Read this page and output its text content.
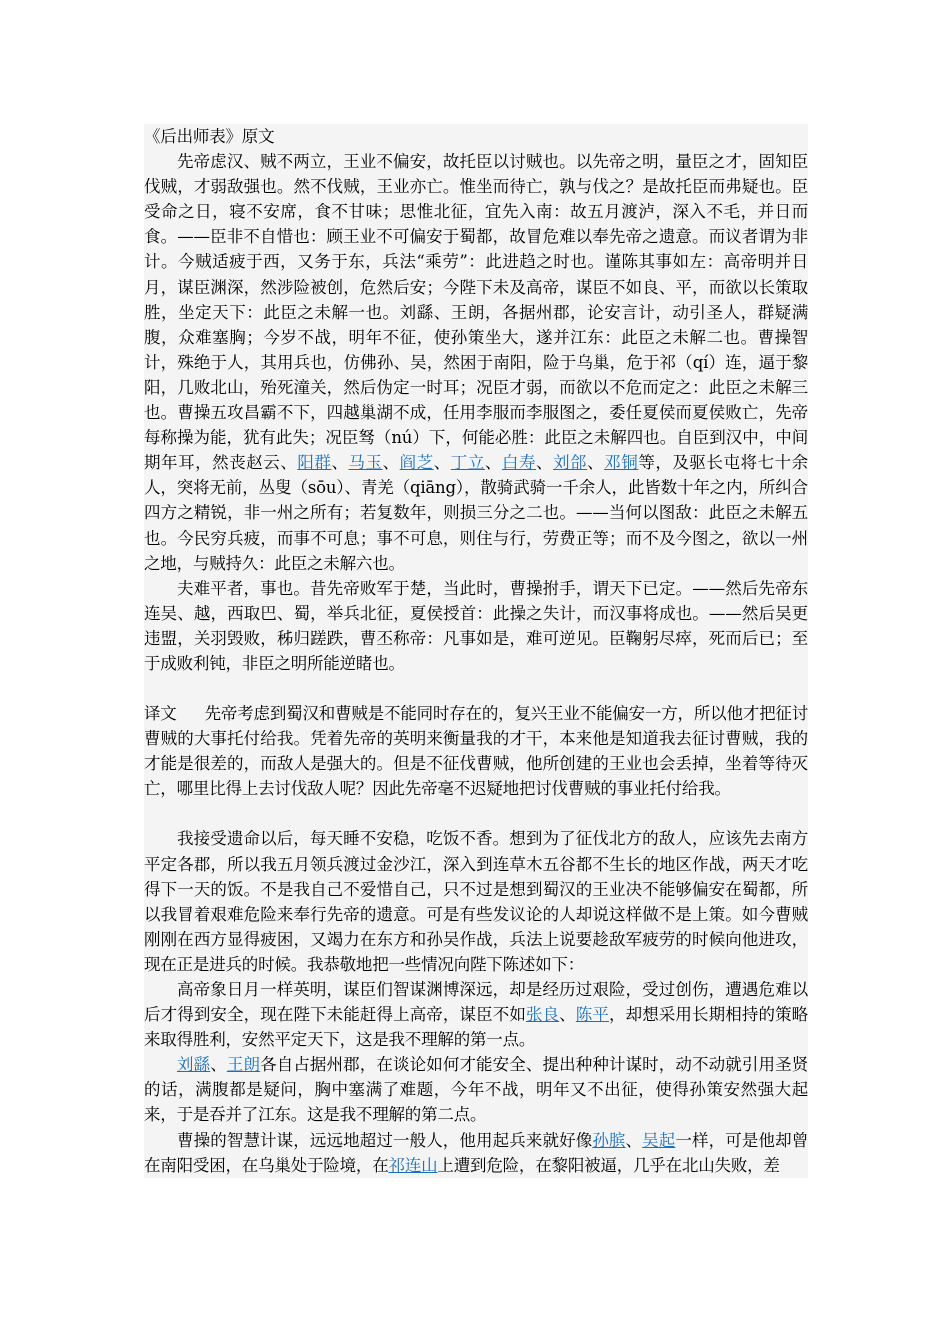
《后出师表》原文

先帝虑汉、贼不两立，王业不偏安，故托臣以讨贼也。以先帝之明，量臣之才，固知臣伐贼，才弱敌强也。然不伐贼，王业亦亡。惟坐而待亡，孰与伐之？是故托臣而弗疑也。臣受命之日，寝不安席，食不甘味；思惟北征，宜先入南：故五月渡泸，深入不毛，并日而食。——臣非不自惜也：顾王业不可偏安于蜀都，故冒危难以奉先帝之遗意。而议者谓为非计。今贼适疲于西，又务于东，兵法“乘劳”：此进趋之时也。谨陈其事如左：高帝明并日月，谋臣渊深，然涉险被创，危然后安；今陛下未及高帝，谋臣不如良、平，而欲以长策取胜，坐定天下：此臣之未解一也。刘繇、王朗，各据州郡，论安言计，动引圣人，群疑满腹，众难塞胸；今岁不战，明年不征，使孙策坐大，遂并江东：此臣之未解二也。曹操智计，殊绝于人，其用兵也，仿佛孙、吴，然困于南阳，险于乌巢，危于祁（qí）连，逼于黎阳，几败北山，殆死潼关，然后伪定一时耳；况臣才弱，而欲以不危而定之：此臣之未解三也。曹操五攻昌霸不下，四越巢湖不成，任用李服而李服图之，委任夏侯而夏侯败亡，先帝每称操为能，犹有此失；况臣驽（nú）下，何能必胜：此臣之未解四也。自臣到汉中，中间期年耳，然丧赵云、阳群、马玉、阎芝、丁立、白寿、刘郃、邓铜等，及驱长屯将七十余人，突将无前，丛叟（sōu）、青羌（qiāng），散骑武骑一千余人，此皆数十年之内，所纠合四方之精锐，非一州之所有；若复数年，则损三分之二也。——当何以图敌：此臣之未解五也。今民穷兵疲，而事不可息；事不可息，则住与行，劳费正等；而不及今图之，欲以一州之地，与贼持久：此臣之未解六也。

夫难平者，事也。昔先帝败军于楚，当此时，曹操拊手，谓天下已定。——然后先帝东连吴、越，西取巴、蜀，举兵北征，夏侯授首：此操之失计，而汉事将成也。——然后吴更违盟，关羽毁败，秭归蹉跌，曹丕称帝：凡事如是，难可逆见。臣鞠躬尽瘁，死而后已；至于成败利钝，非臣之明所能逆睹也。

译文 先帝考虑到蜀汉和曹贼是不能同时存在的，复兴王业不能偏安一方，所以他才把征讨曹贼的大事托付给我。凭着先帝的英明来衡量我的才干，本来他是知道我去征讨曹贼，我的才能是很差的，而敌人是强大的。但是不征伐曹贼，他所创建的王业也会丢掉，坐着等待灭亡，哪里比得上去讨伐敌人呢？因此先帝毫不迟疑地把讨伐曹贼的事业托付给我。

我接受遗命以后，每天睡不安稳，吃饭不香。想到为了征伐北方的敌人，应该先去南方平定各郡，所以我五月领兵渡过金沙江，深入到连草木五谷都不生长的地区作战，两天才吃得下一天的饭。不是我自己不爱惜自己，只不过是想到蜀汉的王业决不能够偏安在蜀都，所以我冒着艰难危险来奉行先帝的遗意。可是有些发议论的人却说这样做不是上策。如今曹贼刚刚在西方显得疲困，又竭力在东方和孙吴作战，兵法上说要趁敌军疲劳的时候向他进攻，现在正是进兵的时候。我恭敬地把一些情况向陛下陈述如下：

高帝象日月一样英明，谋臣们智谋渊博深远，却是经历过艰险，受过创伤，遭遇危难以后才得到安全，现在陛下未能赶得上高帝，谋臣不如张良、陈平，却想采用长期相持的策略来取得胜利，安然平定天下，这是我不理解的第一点。

刘繇、王朗各自占据州郡，在谈论如何才能安全、提出种种计谋时，动不动就引用圣贤的话，满腹都是疑问，胸中塞满了难题，今年不战，明年又不出征，使得孙策安然强大起来，于是吞并了江东。这是我不理解的第二点。

曹操的智慧计谋，远远地超过一般人，他用起兵来就好像孙膑、吴起一样，可是他却曾在南阳受困，在乌巢处于险境，在祁连山上遭到危险，在黎阳被逼，几乎在北山失败，差
